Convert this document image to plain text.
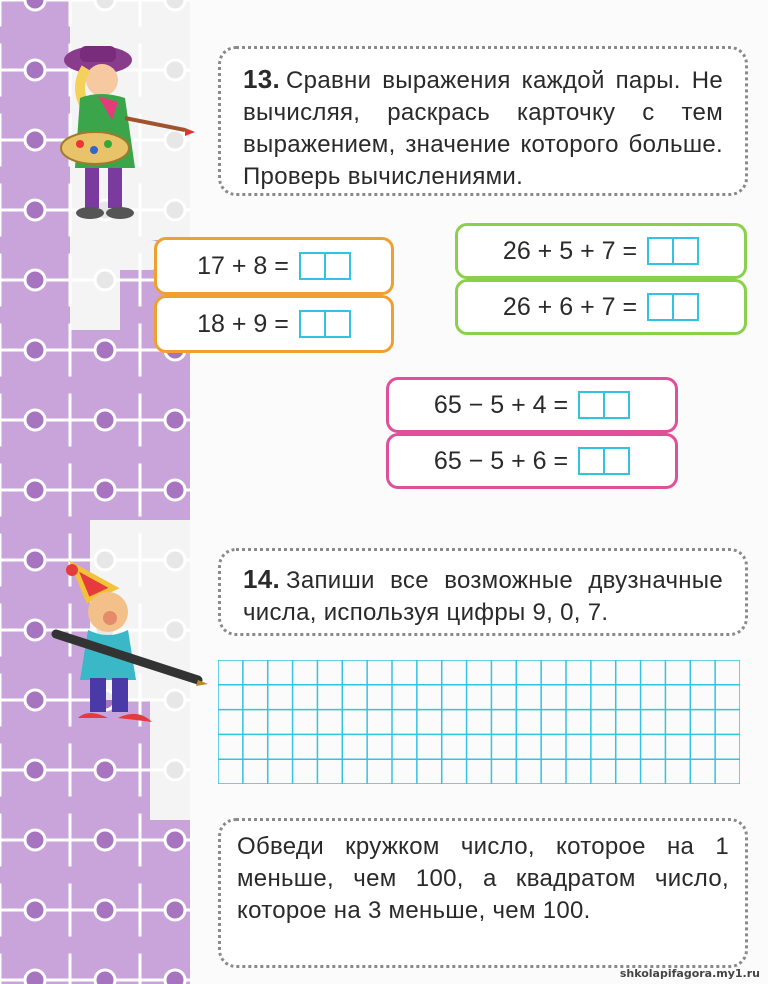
13. Сравни выражения каждой пары. Не вычисляя, раскрась карточку с тем выражением, значение которого больше. Проверь вычислениями.
17 + 8 =
18 + 9 =
26 + 5 + 7 =
26 + 6 + 7 =
65 − 5 + 4 =
65 − 5 + 6 =
14. Запиши все возможные двузначные числа, используя цифры 9, 0, 7.
Обведи кружком число, которое на 1 меньше, чем 100, а квадратом число, которое на 3 меньше, чем 100.
shkolapifagora.my1.ru
